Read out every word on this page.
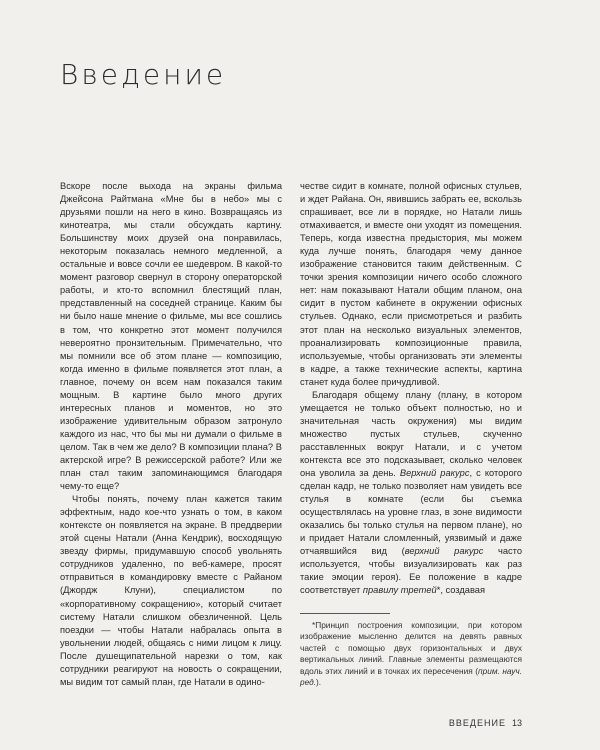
Введение

Вскоре после выхода на экраны фильма Джейсона Райтмана «Мне бы в небо» мы с друзьями пошли на него в кино. Возвращаясь из кинотеатра, мы стали обсуждать картину. Большинству моих друзей она понравилась, некоторым показалась немного медленной, а остальные и вовсе сочли ее шедевром. В какой-то момент разговор свернул в сторону операторской работы, и кто-то вспомнил блестящий план, представленный на соседней странице. Каким бы ни было наше мнение о фильме, мы все сошлись в том, что конкретно этот момент получился невероятно пронзительным. Примечательно, что мы помнили все об этом плане — композицию, когда именно в фильме появляется этот план, а главное, почему он всем нам показался таким мощным. В картине было много других интересных планов и моментов, но это изображение удивительным образом затронуло каждого из нас, что бы мы ни думали о фильме в целом. Так в чем же дело? В композиции плана? В актерской игре? В режиссерской работе? Или же план стал таким запоминающимся благодаря чему-то еще?

Чтобы понять, почему план кажется таким эффектным, надо кое-что узнать о том, в каком контексте он появляется на экране. В преддверии этой сцены Натали (Анна Кендрик), восходящую звезду фирмы, придумавшую способ увольнять сотрудников удаленно, по веб-камере, просят отправиться в командировку вместе с Райаном (Джордж Клуни), специалистом по «корпоративному сокращению», который считает систему Натали слишком обезличенной. Цель поездки — чтобы Натали набралась опыта в увольнении людей, общаясь с ними лицом к лицу. После душещипательной нарезки о том, как сотрудники реагируют на новость о сокращении, мы видим тот самый план, где Натали в одино-

честве сидит в комнате, полной офисных стульев, и ждет Райана. Он, явившись забрать ее, вскользь спрашивает, все ли в порядке, но Натали лишь отмахивается, и вместе они уходят из помещения. Теперь, когда известна предыстория, мы можем куда лучше понять, благодаря чему данное изображение становится таким действенным. С точки зрения композиции ничего особо сложного нет: нам показывают Натали общим планом, она сидит в пустом кабинете в окружении офисных стульев. Однако, если присмотреться и разбить этот план на несколько визуальных элементов, проанализировать композиционные правила, используемые, чтобы организовать эти элементы в кадре, а также технические аспекты, картина станет куда более причудливой.

Благодаря общему плану (плану, в котором умещается не только объект полностью, но и значительная часть окружения) мы видим множество пустых стульев, скученно расставленных вокруг Натали, и с учетом контекста все это подсказывает, сколько человек она уволила за день. Верхний ракурс, с которого сделан кадр, не только позволяет нам увидеть все стулья в комнате (если бы съемка осуществлялась на уровне глаз, в зоне видимости оказались бы только стулья на первом плане), но и придает Натали сломленный, уязвимый и даже отчаявшийся вид (верхний ракурс часто используется, чтобы визуализировать как раз такие эмоции героя). Ее положение в кадре соответствует правилу третей*, создавая

*Принцип построения композиции, при котором изображение мысленно делится на девять равных частей с помощью двух горизонтальных и двух вертикальных линий. Главные элементы размещаются вдоль этих линий и в точках их пересечения (прим. науч. ред.).

ВВЕДЕНИЕ 13
